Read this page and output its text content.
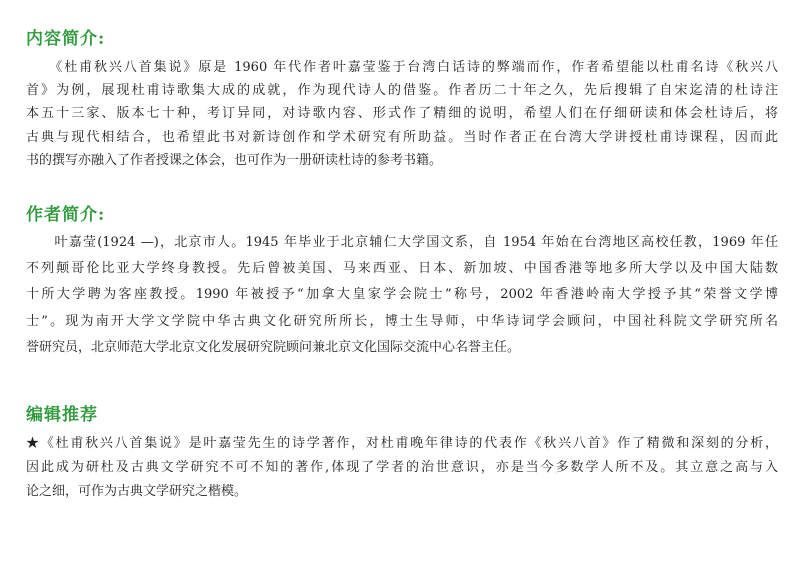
内容简介:
　　《杜甫秋兴八首集说》原是 1960 年代作者叶嘉莹鉴于台湾白话诗的弊端而作，作者希望能以杜甫名诗《秋兴八
首》为例，展现杜甫诗歌集大成的成就，作为现代诗人的借鉴。作者历二十年之久，先后搜辑了自宋迄清的杜诗注
本五十三家、版本七十种，考订异同，对诗歌内容、形式作了精细的说明，希望人们在仔细研读和体会杜诗后，将
古典与现代相结合，也希望此书对新诗创作和学术研究有所助益。当时作者正在台湾大学讲授杜甫诗课程，因而此
书的撰写亦融入了作者授课之体会，也可作为一册研读杜诗的参考书籍。
作者简介:
　　叶嘉莹(1924 —)，北京市人。1945 年毕业于北京辅仁大学国文系，自 1954 年始在台湾地区高校任教，1969 年任
不列颠哥伦比亚大学终身教授。先后曾被美国、马来西亚、日本、新加坡、中国香港等地多所大学以及中国大陆数
十所大学聘为客座教授。1990 年被授予“加拿大皇家学会院士”称号，2002 年香港岭南大学授予其“荣誉文学博
士”。现为南开大学文学院中华古典文化研究所所长，博士生导师，中华诗词学会顾问，中国社科院文学研究所名
誉研究员，北京师范大学北京文化发展研究院顾问兼北京文化国际交流中心名誉主任。
编辑推荐
★《杜甫秋兴八首集说》是叶嘉莹先生的诗学著作，对杜甫晚年律诗的代表作《秋兴八首》作了精微和深刻的分析，
因此成为研杜及古典文学研究不可不知的著作,体现了学者的治世意识，亦是当今多数学人所不及。其立意之高与入
论之细，可作为古典文学研究之楷模。
